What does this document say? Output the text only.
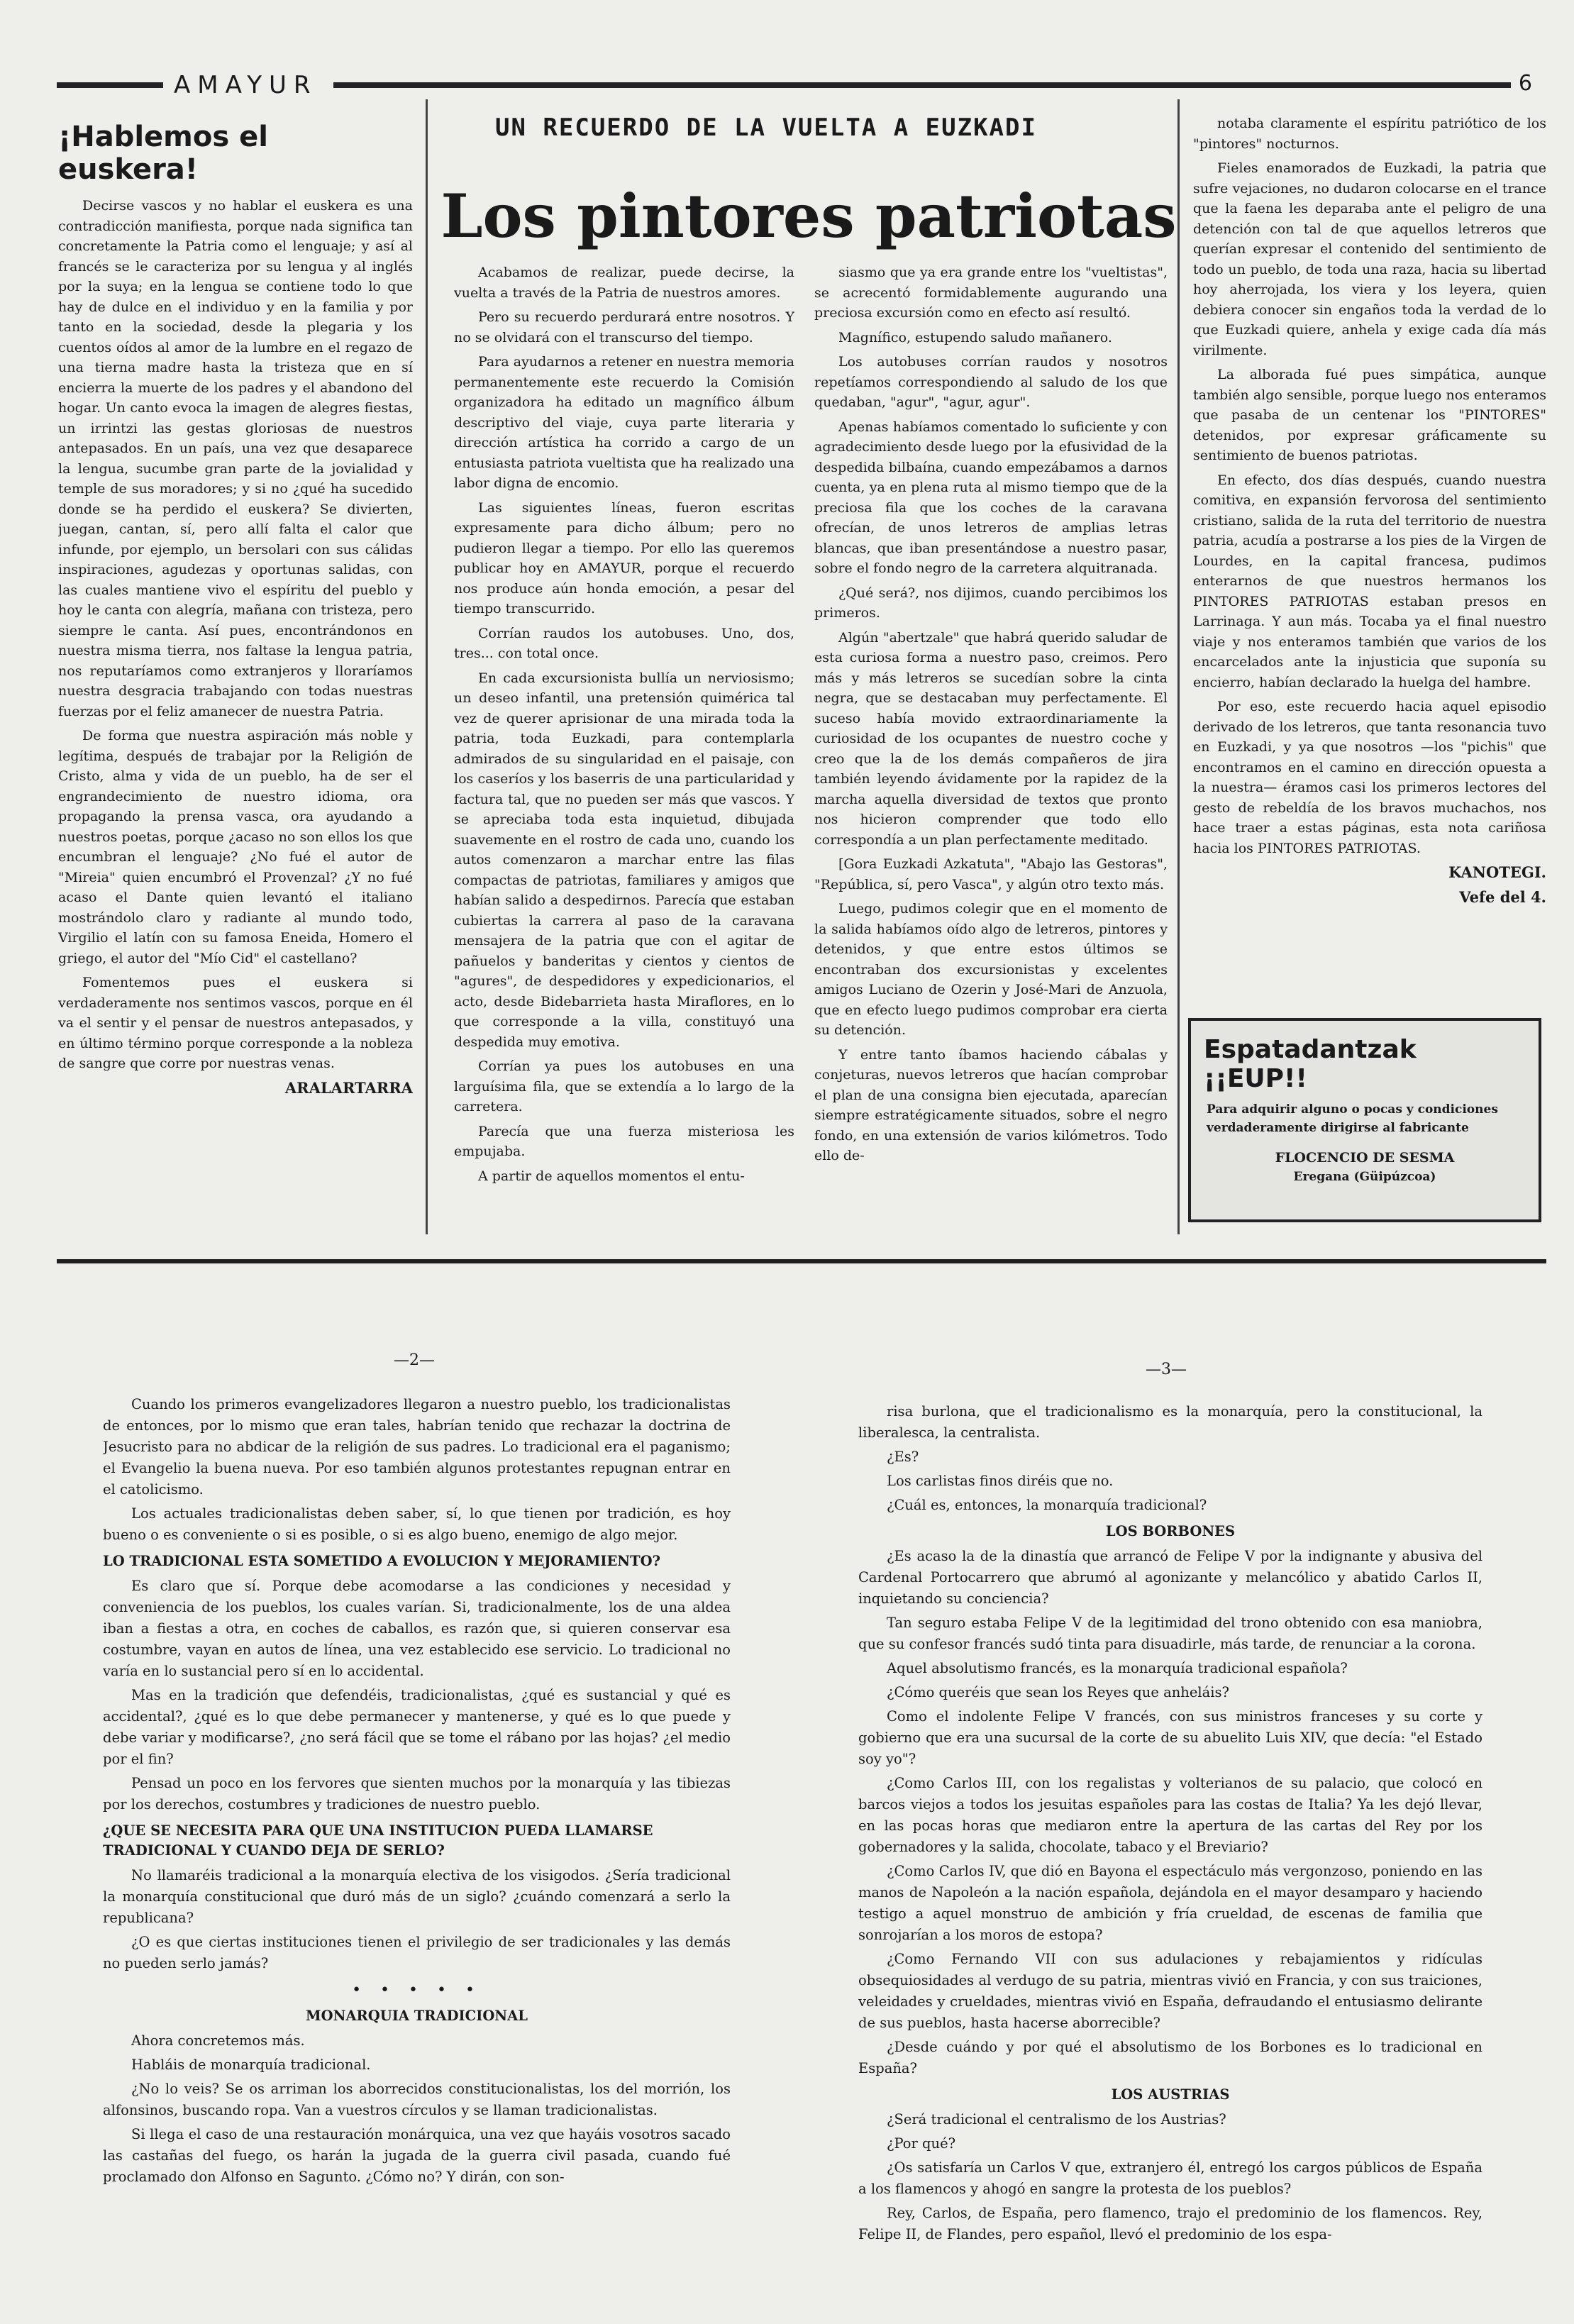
AMAYUR	6
¡Hablemos el euskera!

Decirse vascos y no hablar el euskera es una contradicción manifiesta, porque nada significa tan concretamente la Patria como el lenguaje; y así al francés se le caracteriza por su lengua y al inglés por la suya; en la lengua se contiene todo lo que hay de dulce en el individuo y en la familia y por tanto en la sociedad, desde la plegaria y los cuentos oídos al amor de la lumbre en el regazo de una tierna madre hasta la tristeza que en sí encierra la muerte de los padres y el abandono del hogar. Un canto evoca la imagen de alegres fiestas, un irrintzi las gestas gloriosas de nuestros antepasados. En un país, una vez que desaparece la lengua, sucumbe gran parte de la jovialidad y temple de sus moradores; y si no ¿qué ha sucedido donde se ha perdido el euskera? Se divierten, juegan, cantan, sí, pero allí falta el calor que infunde, por ejemplo, un bersolari con sus cálidas inspiraciones, agudezas y oportunas salidas, con las cuales mantiene vivo el espíritu del pueblo y hoy le canta con alegría, mañana con tristeza, pero siempre le canta. Así pues, encontrándonos en nuestra misma tierra, nos faltase la lengua patria, nos reputaríamos como extranjeros y lloraríamos nuestra desgracia trabajando con todas nuestras fuerzas por el feliz amanecer de nuestra Patria.

De forma que nuestra aspiración más noble y legítima, después de trabajar por la Religión de Cristo, alma y vida de un pueblo, ha de ser el engrandecimiento de nuestro idioma, ora propagando la prensa vasca, ora ayudando a nuestros poetas, porque ¿acaso no son ellos los que encumbran el lenguaje? ¿No fué el autor de "Mireia" quien encumbró el Provenzal? ¿Y no fué acaso el Dante quien levantó el italiano mostrándolo claro y radiante al mundo todo, Virgilio el latín con su famosa Eneida, Homero el griego, el autor del "Mío Cid" el castellano?

Fomentemos pues el euskera si verdaderamente nos sentimos vascos, porque en él va el sentir y el pensar de nuestros antepasados, y en último término porque corresponde a la nobleza de sangre que corre por nuestras venas.

ARALARTARRA

UN RECUERDO DE LA VUELTA A EUZKADI
Los pintores patriotas

Acabamos de realizar, puede decirse, la vuelta a través de la Patria de nuestros amores.

Pero su recuerdo perdurará entre nosotros. Y no se olvidará con el transcurso del tiempo.

Para ayudarnos a retener en nuestra memoria permanentemente este recuerdo la Comisión organizadora ha editado un magnífico álbum descriptivo del viaje, cuya parte literaria y dirección artística ha corrido a cargo de un entusiasta patriota vueltista que ha realizado una labor digna de encomio.

Las siguientes líneas, fueron escritas expresamente para dicho álbum; pero no pudieron llegar a tiempo. Por ello las queremos publicar hoy en AMAYUR, porque el recuerdo nos produce aún honda emoción, a pesar del tiempo transcurrido.

Corrían raudos los autobuses. Uno, dos, tres... con total once.

En cada excursionista bullía un nerviosismo; un deseo infantil, una pretensión quimérica tal vez de querer aprisionar de una mirada toda la patria, toda Euzkadi, para contemplarla admirados de su singularidad en el paisaje, con los caseríos y los baserris de una particularidad y factura tal, que no pueden ser más que vascos. Y se apreciaba toda esta inquietud, dibujada suavemente en el rostro de cada uno, cuando los autos comenzaron a marchar entre las filas compactas de patriotas, familiares y amigos que habían salido a despedirnos. Parecía que estaban cubiertas la carrera al paso de la caravana mensajera de la patria que con el agitar de pañuelos y banderitas y cientos y cientos de "agures", de despedidores y expedicionarios, el acto, desde Bidebarrieta hasta Miraflores, en lo que corresponde a la villa, constituyó una despedida muy emotiva.

Corrían ya pues los autobuses en una larguísima fila, que se extendía a lo largo de la carretera.

Parecía que una fuerza misteriosa les empujaba.

A partir de aquellos momentos el entu-

siasmo que ya era grande entre los "vueltistas", se acrecentó formidablemente augurando una preciosa excursión como en efecto así resultó.

Magnífico, estupendo saludo mañanero.

Los autobuses corrían raudos y nosotros repetíamos correspondiendo al saludo de los que quedaban, "agur", "agur, agur".

Apenas habíamos comentado lo suficiente y con agradecimiento desde luego por la efusividad de la despedida bilbaína, cuando empezábamos a darnos cuenta, ya en plena ruta al mismo tiempo que de la preciosa fila que los coches de la caravana ofrecían, de unos letreros de amplias letras blancas, que iban presentándose a nuestro pasar, sobre el fondo negro de la carretera alquitranada.

¿Qué será?, nos dijimos, cuando percibimos los primeros.

Algún "abertzale" que habrá querido saludar de esta curiosa forma a nuestro paso, creimos. Pero más y más letreros se sucedían sobre la cinta negra, que se destacaban muy perfectamente. El suceso había movido extraordinariamente la curiosidad de los ocupantes de nuestro coche y creo que la de los demás compañeros de jira también leyendo ávidamente por la rapidez de la marcha aquella diversidad de textos que pronto nos hicieron comprender que todo ello correspondía a un plan perfectamente meditado.

[Gora Euzkadi Azkatuta", "Abajo las Gestoras", "República, sí, pero Vasca", y algún otro texto más.

Luego, pudimos colegir que en el momento de la salida habíamos oído algo de letreros, pintores y detenidos, y que entre estos últimos se encontraban dos excursionistas y excelentes amigos Luciano de Ozerin y José-Mari de Anzuola, que en efecto luego pudimos comprobar era cierta su detención.

Y entre tanto íbamos haciendo cábalas y conjeturas, nuevos letreros que hacían comprobar el plan de una consigna bien ejecutada, aparecían siempre estratégicamente situados, sobre el negro fondo, en una extensión de varios kilómetros. Todo ello de-

notaba claramente el espíritu patriótico de los "pintores" nocturnos.

Fieles enamorados de Euzkadi, la patria que sufre vejaciones, no dudaron colocarse en el trance que la faena les deparaba ante el peligro de una detención con tal de que aquellos letreros que querían expresar el contenido del sentimiento de todo un pueblo, de toda una raza, hacia su libertad hoy aherrojada, los viera y los leyera, quien debiera conocer sin engaños toda la verdad de lo que Euzkadi quiere, anhela y exige cada día más virilmente.

La alborada fué pues simpática, aunque también algo sensible, porque luego nos enteramos que pasaba de un centenar los "PINTORES" detenidos, por expresar gráficamente su sentimiento de buenos patriotas.

En efecto, dos días después, cuando nuestra comitiva, en expansión fervorosa del sentimiento cristiano, salida de la ruta del territorio de nuestra patria, acudía a postrarse a los pies de la Virgen de Lourdes, en la capital francesa, pudimos enterarnos de que nuestros hermanos los PINTORES PATRIOTAS estaban presos en Larrinaga. Y aun más. Tocaba ya el final nuestro viaje y nos enteramos también que varios de los encarcelados ante la injusticia que suponía su encierro, habían declarado la huelga del hambre.

Por eso, este recuerdo hacia aquel episodio derivado de los letreros, que tanta resonancia tuvo en Euzkadi, y ya que nosotros —los "pichis" que encontramos en el camino en dirección opuesta a la nuestra— éramos casi los primeros lectores del gesto de rebeldía de los bravos muchachos, nos hace traer a estas páginas, esta nota cariñosa hacia los PINTORES PATRIOTAS.

KANOTEGI.

Vefe del 4.

Espatadantzak ¡¡EUP!!
Para adquirir alguno o pocas y condiciones verdaderamente dirigirse al fabricante
FLOCENCIO DE SESMA
Eregana (Güipúzcoa)
—2—
—3—

Cuando los primeros evangelizadores llegaron a nuestro pueblo, los tradicionalistas de entonces, por lo mismo que eran tales, habrían tenido que rechazar la doctrina de Jesucristo para no abdicar de la religión de sus padres. Lo tradicional era el paganismo; el Evangelio la buena nueva. Por eso también algunos protestantes repugnan entrar en el catolicismo.

Los actuales tradicionalistas deben saber, sí, lo que tienen por tradición, es hoy bueno o es conveniente o si es posible, o si es algo bueno, enemigo de algo mejor.

LO TRADICIONAL ESTA SOMETIDO A EVOLUCION Y MEJORAMIENTO?

Es claro que sí. Porque debe acomodarse a las condiciones y necesidad y conveniencia de los pueblos, los cuales varían. Si, tradicionalmente, los de una aldea iban a fiestas a otra, en coches de caballos, es razón que, si quieren conservar esa costumbre, vayan en autos de línea, una vez establecido ese servicio. Lo tradicional no varía en lo sustancial pero sí en lo accidental.

Mas en la tradición que defendéis, tradicionalistas, ¿qué es sustancial y qué es accidental?, ¿qué es lo que debe permanecer y mantenerse, y qué es lo que puede y debe variar y modificarse?, ¿no será fácil que se tome el rábano por las hojas? ¿el medio por el fin?

Pensad un poco en los fervores que sienten muchos por la monarquía y las tibiezas por los derechos, costumbres y tradiciones de nuestro pueblo.

¿QUE SE NECESITA PARA QUE UNA INSTITUCION PUEDA LLAMARSE TRADICIONAL Y CUANDO DEJA DE SERLO?

No llamaréis tradicional a la monarquía electiva de los visigodos. ¿Sería tradicional la monarquía constitucional que duró más de un siglo? ¿cuándo comenzará a serlo la republicana?

¿O es que ciertas instituciones tienen el privilegio de ser tradicionales y las demás no pueden serlo jamás?

• • • • •
MONARQUIA TRADICIONAL

Ahora concretemos más.

Habláis de monarquía tradicional.

¿No lo veis? Se os arriman los aborrecidos constitucionalistas, los del morrión, los alfonsinos, buscando ropa. Van a vuestros círculos y se llaman tradicionalistas.

Si llega el caso de una restauración monárquica, una vez que hayáis vosotros sacado las castañas del fuego, os harán la jugada de la guerra civil pasada, cuando fué proclamado don Alfonso en Sagunto. ¿Cómo no? Y dirán, con son-

risa burlona, que el tradicionalismo es la monarquía, pero la constitucional, la liberalesca, la centralista.

¿Es?

Los carlistas finos diréis que no.

¿Cuál es, entonces, la monarquía tradicional?

LOS BORBONES

¿Es acaso la de la dinastía que arrancó de Felipe V por la indignante y abusiva del Cardenal Portocarrero que abrumó al agonizante y melancólico y abatido Carlos II, inquietando su conciencia?

Tan seguro estaba Felipe V de la legitimidad del trono obtenido con esa maniobra, que su confesor francés sudó tinta para disuadirle, más tarde, de renunciar a la corona.

Aquel absolutismo francés, es la monarquía tradicional española?

¿Cómo queréis que sean los Reyes que anheláis?

Como el indolente Felipe V francés, con sus ministros franceses y su corte y gobierno que era una sucursal de la corte de su abuelito Luis XIV, que decía: "el Estado soy yo"?

¿Como Carlos III, con los regalistas y volterianos de su palacio, que colocó en barcos viejos a todos los jesuitas españoles para las costas de Italia? Ya les dejó llevar, en las pocas horas que mediaron entre la apertura de las cartas del Rey por los gobernadores y la salida, chocolate, tabaco y el Breviario?

¿Como Carlos IV, que dió en Bayona el espectáculo más vergonzoso, poniendo en las manos de Napoleón a la nación española, dejándola en el mayor desamparo y haciendo testigo a aquel monstruo de ambición y fría crueldad, de escenas de familia que sonrojarían a los moros de estopa?

¿Como Fernando VII con sus adulaciones y rebajamientos y ridículas obsequiosidades al verdugo de su patria, mientras vivió en Francia, y con sus traiciones, veleidades y crueldades, mientras vivió en España, defraudando el entusiasmo delirante de sus pueblos, hasta hacerse aborrecible?

¿Desde cuándo y por qué el absolutismo de los Borbones es lo tradicional en España?

LOS AUSTRIAS

¿Será tradicional el centralismo de los Austrias?

¿Por qué?

¿Os satisfaría un Carlos V que, extranjero él, entregó los cargos públicos de España a los flamencos y ahogó en sangre la protesta de los pueblos?

Rey, Carlos, de España, pero flamenco, trajo el predominio de los flamencos. Rey, Felipe II, de Flandes, pero español, llevó el predominio de los espa-
